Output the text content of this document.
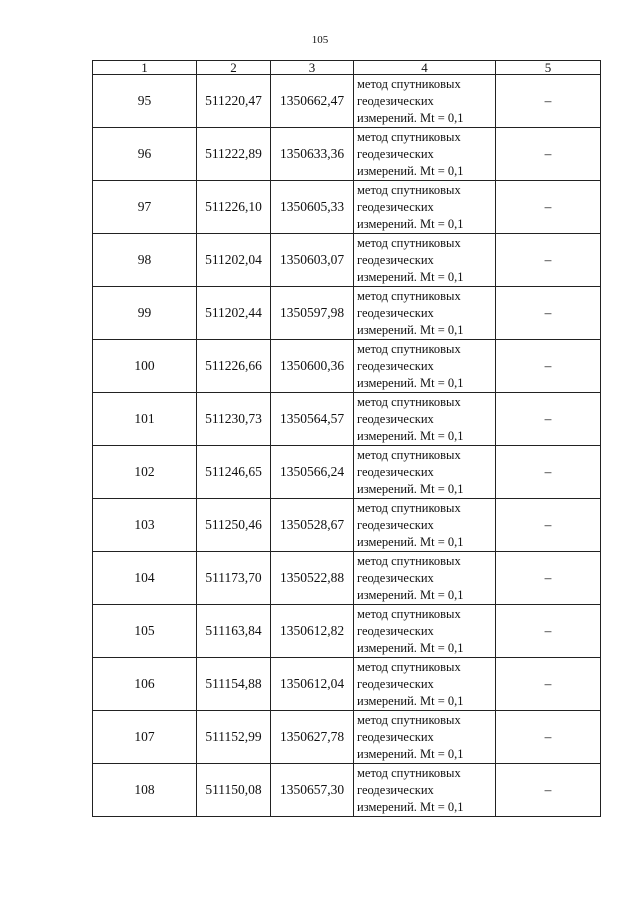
105
1	2	3	4	5
95	511220,47	1350662,47	метод спутниковых
геодезических
измерений. Mt = 0,1	–
96	511222,89	1350633,36	метод спутниковых
геодезических
измерений. Mt = 0,1	–
97	511226,10	1350605,33	метод спутниковых
геодезических
измерений. Mt = 0,1	–
98	511202,04	1350603,07	метод спутниковых
геодезических
измерений. Mt = 0,1	–
99	511202,44	1350597,98	метод спутниковых
геодезических
измерений. Mt = 0,1	–
100	511226,66	1350600,36	метод спутниковых
геодезических
измерений. Mt = 0,1	–
101	511230,73	1350564,57	метод спутниковых
геодезических
измерений. Mt = 0,1	–
102	511246,65	1350566,24	метод спутниковых
геодезических
измерений. Mt = 0,1	–
103	511250,46	1350528,67	метод спутниковых
геодезических
измерений. Mt = 0,1	–
104	511173,70	1350522,88	метод спутниковых
геодезических
измерений. Mt = 0,1	–
105	511163,84	1350612,82	метод спутниковых
геодезических
измерений. Mt = 0,1	–
106	511154,88	1350612,04	метод спутниковых
геодезических
измерений. Mt = 0,1	–
107	511152,99	1350627,78	метод спутниковых
геодезических
измерений. Mt = 0,1	–
108	511150,08	1350657,30	метод спутниковых
геодезических
измерений. Mt = 0,1	–
